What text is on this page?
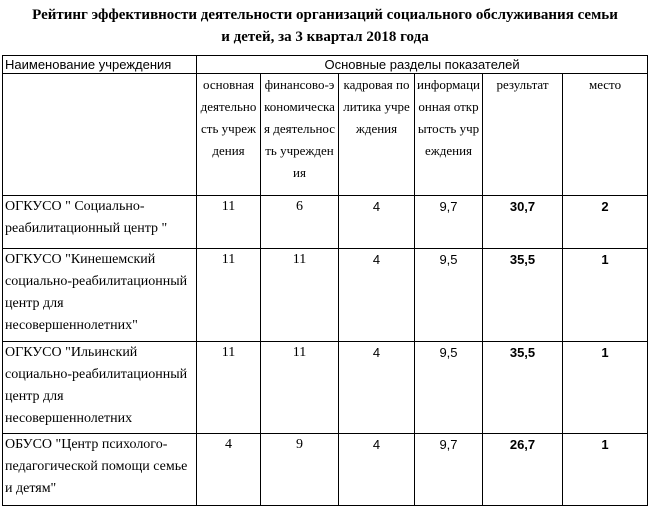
Рейтинг эффективности деятельности организаций социального обслуживания семьи
и детей, за 3 квартал 2018 года
Наименование учреждения	Основные разделы показателей					
	основная деятельность учреждения	финансово-экономическая деятельность учреждения	кадровая политика учреждения	информационная открытость учреждения	результат	место
ОГКУСО " Социально-реабилитационный центр "	11	6	4	9,7	30,7	2
ОГКУСО "Кинешемский социально-реабилитационный центр для несовершеннолетних"	11	11	4	9,5	35,5	1
ОГКУСО "Ильинский социально-реабилитационный центр для несовершеннолетних	11	11	4	9,5	35,5	1
ОБУСО "Центр психолого-педагогической помощи семье и детям"	4	9	4	9,7	26,7	1
